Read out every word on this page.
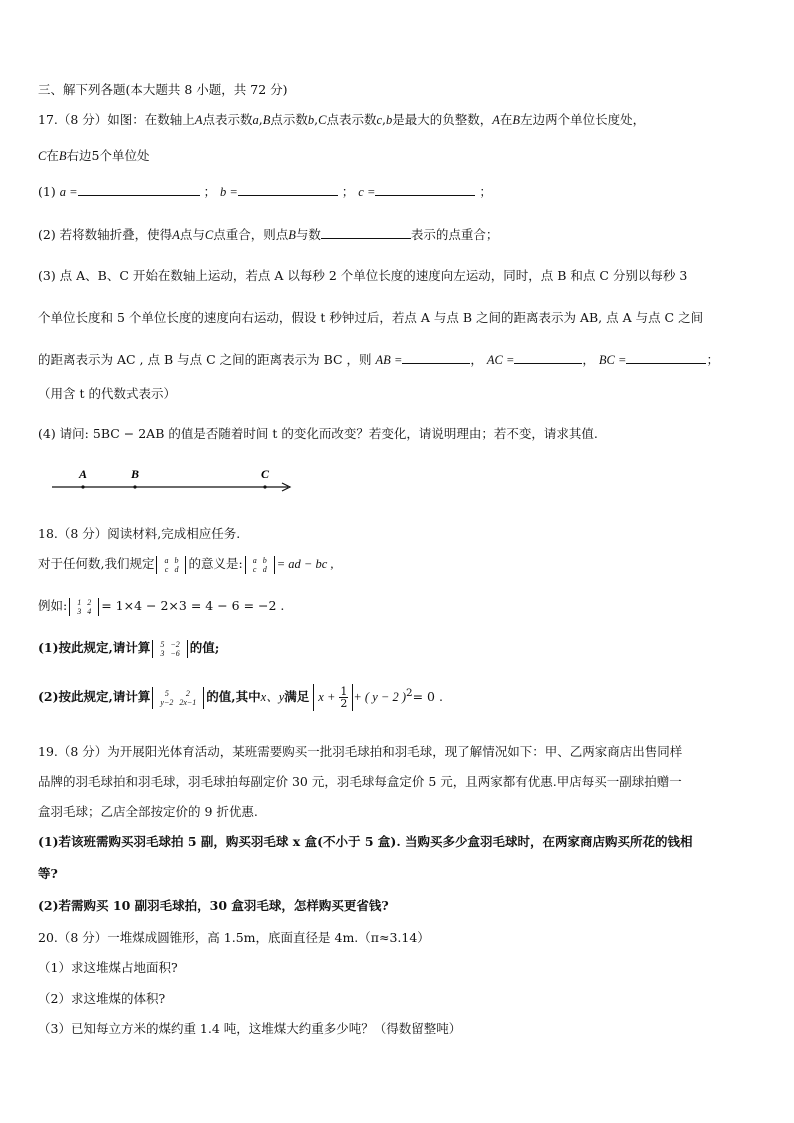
三、解下列各题(本大题共 8 小题，共 72 分)
17.（8 分）如图：在数轴上A点表示数a,B点示数b,C点表示数c,b是最大的负整数，A在B左边两个单位长度处，
C在B右边5个单位处
(1) a =	； b =	； c =	；
(2) 若将数轴折叠，使得A点与C点重合，则点B与数	表示的点重合；
(3) 点 A、B、C 开始在数轴上运动，若点 A 以每秒 2 个单位长度的速度向左运动，同时，点 B 和点 C 分别以每秒 3
个单位长度和 5 个单位长度的速度向右运动，假设 t 秒钟过后，若点 A 与点 B 之间的距离表示为 AB, 点 A 与点 C 之间
的距离表示为 AC , 点 B 与点 C 之间的距离表示为 BC ，则 AB =	， AC =	， BC =	；
（用含 t 的代数式表示）
(4) 请问: 5BC − 2AB 的值是否随着时间 t 的变化而改变？若变化，请说明理由；若不变，请求其值.
A	B	C
18.（8 分）阅读材料,完成相应任务.
对于任何数,我们规定 a	b
c	d 的意义是: a	b
c	d = ad − bc ,
例如: 1	2
3	4 = 1×4 − 2×3 = 4 − 6 = −2 .
(1)按此规定,请计算 5	−2
3	−6 的值;
(2)按此规定,请计算 5	2
y−2	2x−1 的值,其中x、y满足 $x + \frac{1}{2}$ + ( y − 2 )$^2$= 0 .
19.（8 分）为开展阳光体育活动，某班需要购买一批羽毛球拍和羽毛球，现了解情况如下：甲、乙两家商店出售同样
品牌的羽毛球拍和羽毛球，羽毛球拍每副定价 30 元，羽毛球每盒定价 5 元，且两家都有优惠.甲店每买一副球拍赠一
盒羽毛球；乙店全部按定价的 9 折优惠.
(1)若该班需购买羽毛球拍 5 副，购买羽毛球 x 盒(不小于 5 盒). 当购买多少盒羽毛球时，在两家商店购买所花的钱相
等?
(2)若需购买 10 副羽毛球拍，30 盒羽毛球，怎样购买更省钱?
20.（8 分）一堆煤成圆锥形，高 1.5m，底面直径是 4m.（π≈3.14）
（1）求这堆煤占地面积?
（2）求这堆煤的体积?
（3）已知每立方米的煤约重 1.4 吨，这堆煤大约重多少吨？（得数留整吨）
